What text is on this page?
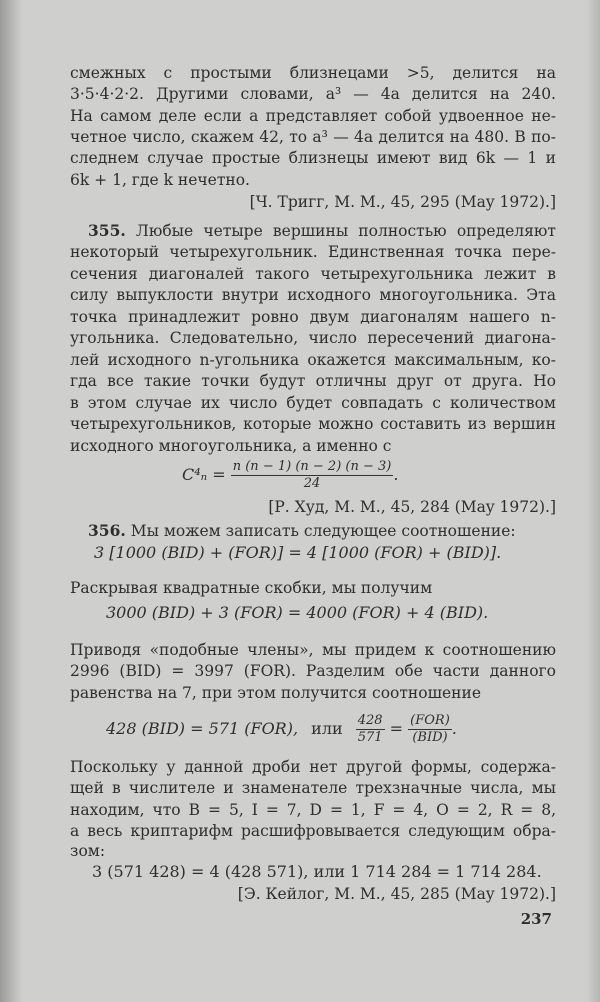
смежных с простыми близнецами >5, делится на
3·5·4·2·2. Другими словами, a³ — 4a делится на 240.
На самом деле если a представляет собой удвоенное не-
четное число, скажем 42, то a³ — 4a делится на 480. В по-
следнем случае простые близнецы имеют вид 6k — 1 и
6k + 1, где k нечетно.
[Ч. Тригг, M. M., 45, 295 (May 1972).]
355. Любые четыре вершины полностью определяют
некоторый четырехугольник. Единственная точка пере-
сечения диагоналей такого четырехугольника лежит в
силу выпуклости внутри исходного многоугольника. Эта
точка принадлежит ровно двум диагоналям нашего n-
угольника. Следовательно, число пересечений диагона-
лей исходного n-угольника окажется максимальным, ко-
гда все такие точки будут отличны друг от друга. Но
в этом случае их число будет совпадать с количеством
четырехугольников, которые можно составить из вершин
исходного многоугольника, а именно с
$C^4_n = \frac{n (n - 1) (n - 2) (n - 3)}{24}$ .
[Р. Худ, M. M., 45, 284 (May 1972).]
356. Мы можем записать следующее соотношение:
3 [1000 (BID) + (FOR)] = 4 [1000 (FOR) + (BID)].
Раскрывая квадратные скобки, мы получим
3000 (BID) + 3 (FOR) = 4000 (FOR) + 4 (BID).
Приводя «подобные члены», мы придем к соотношению
2996 (BID) = 3997 (FOR). Разделим обе части данного
равенства на 7, при этом получится соотношение
428 (BID) = 571 (FOR), или $\frac{428}{571} = \frac{\text{(FOR)}}{\text{(BID)}}$ .
Поскольку у данной дроби нет другой формы, содержа-
щей в числителе и знаменателе трехзначные числа, мы
находим, что B = 5, I = 7, D = 1, F = 4, O = 2, R = 8,
а весь криптарифм расшифровывается следующим обра-
зом:
3 (571 428) = 4 (428 571), или 1 714 284 = 1 714 284.
[Э. Кейлог, M. M., 45, 285 (May 1972).]
237
